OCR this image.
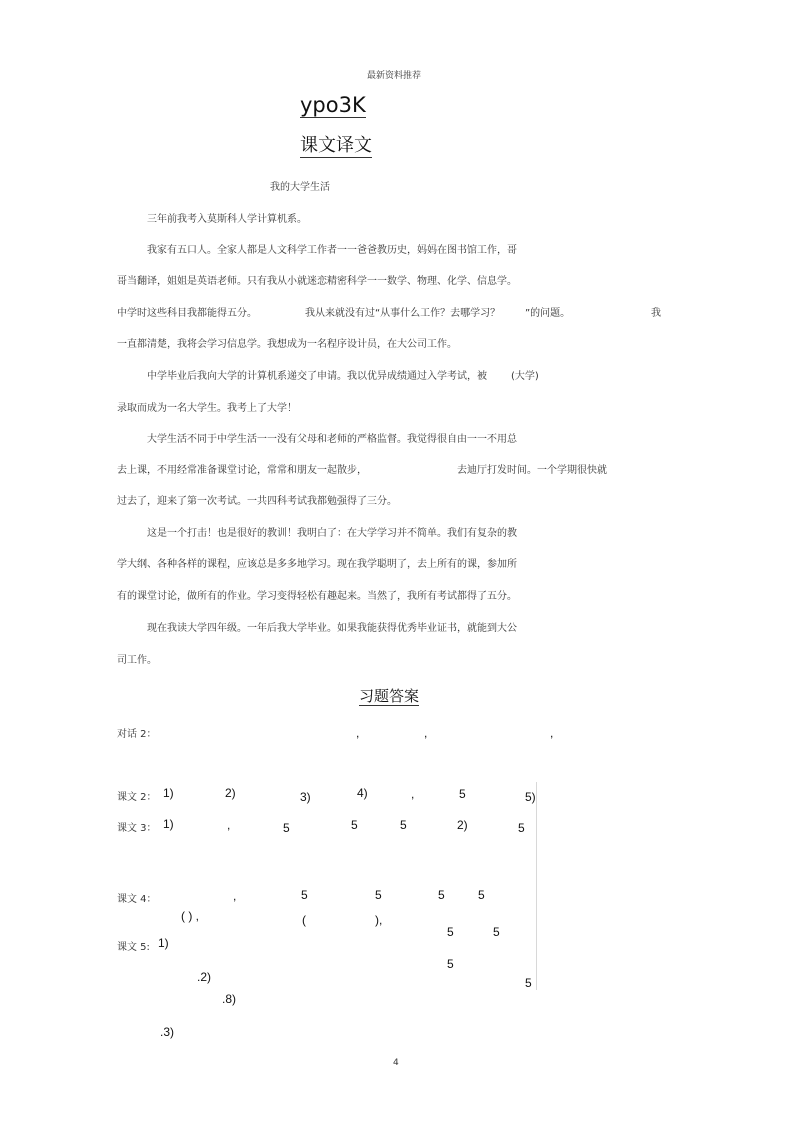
最新资料推荐
ypo3K
课文译文
我的大学生活
三年前我考入莫斯科人学计算机系。
我家有五口人。全家人都是人文科学工作者一一爸爸教历史，妈妈在图书馆工作，哥
哥当翻译，姐姐是英语老师。只有我从小就迷恋精密科学一一数学、物理、化学、信息学。
中学时这些科目我都能得五分。	我从来就没有过“从事什么工作？去哪学习？ ”的问题。	我
一直都清楚，我将会学习信息学。我想成为一名程序设计员，在大公司工作。
中学毕业后我向大学的计算机系递交了申请。我以优异成绩通过入学考试，被 (大学)
录取而成为一名大学生。我考上了大学！
大学生活不同于中学生活一一没有父母和老师的严格监督。我觉得很自由一一不用总
去上课，不用经常准备课堂讨论，常常和朋友一起散步，	去迪厅打发时间。一个学期很快就
过去了，迎来了第一次考试。一共四科考试我都勉强得了三分。
这是一个打击！也是很好的教训！我明白了：在大学学习并不简单。我们有复杂的教
学大纲、各种各样的课程，应该总是多多地学习。现在我学聪明了，去上所有的课，参加所
有的课堂讨论，做所有的作业。学习变得轻松有趣起来。当然了，我所有考试都得了五分。
现在我读大学四年级。一年后我大学毕业。如果我能获得优秀毕业证书，就能到大公
司工作。
习题答案
对话 2：	,	,	,
课文 2： 1)	2)	3)	4)	,	5	5)
课文 3： 1)	,	5	5	5	2)	5
课文 4：	,	5	5	5	5
( ) ,	(	),
5	5
课文 5: 1)
5
.2)	5
.8)
.3)
4
